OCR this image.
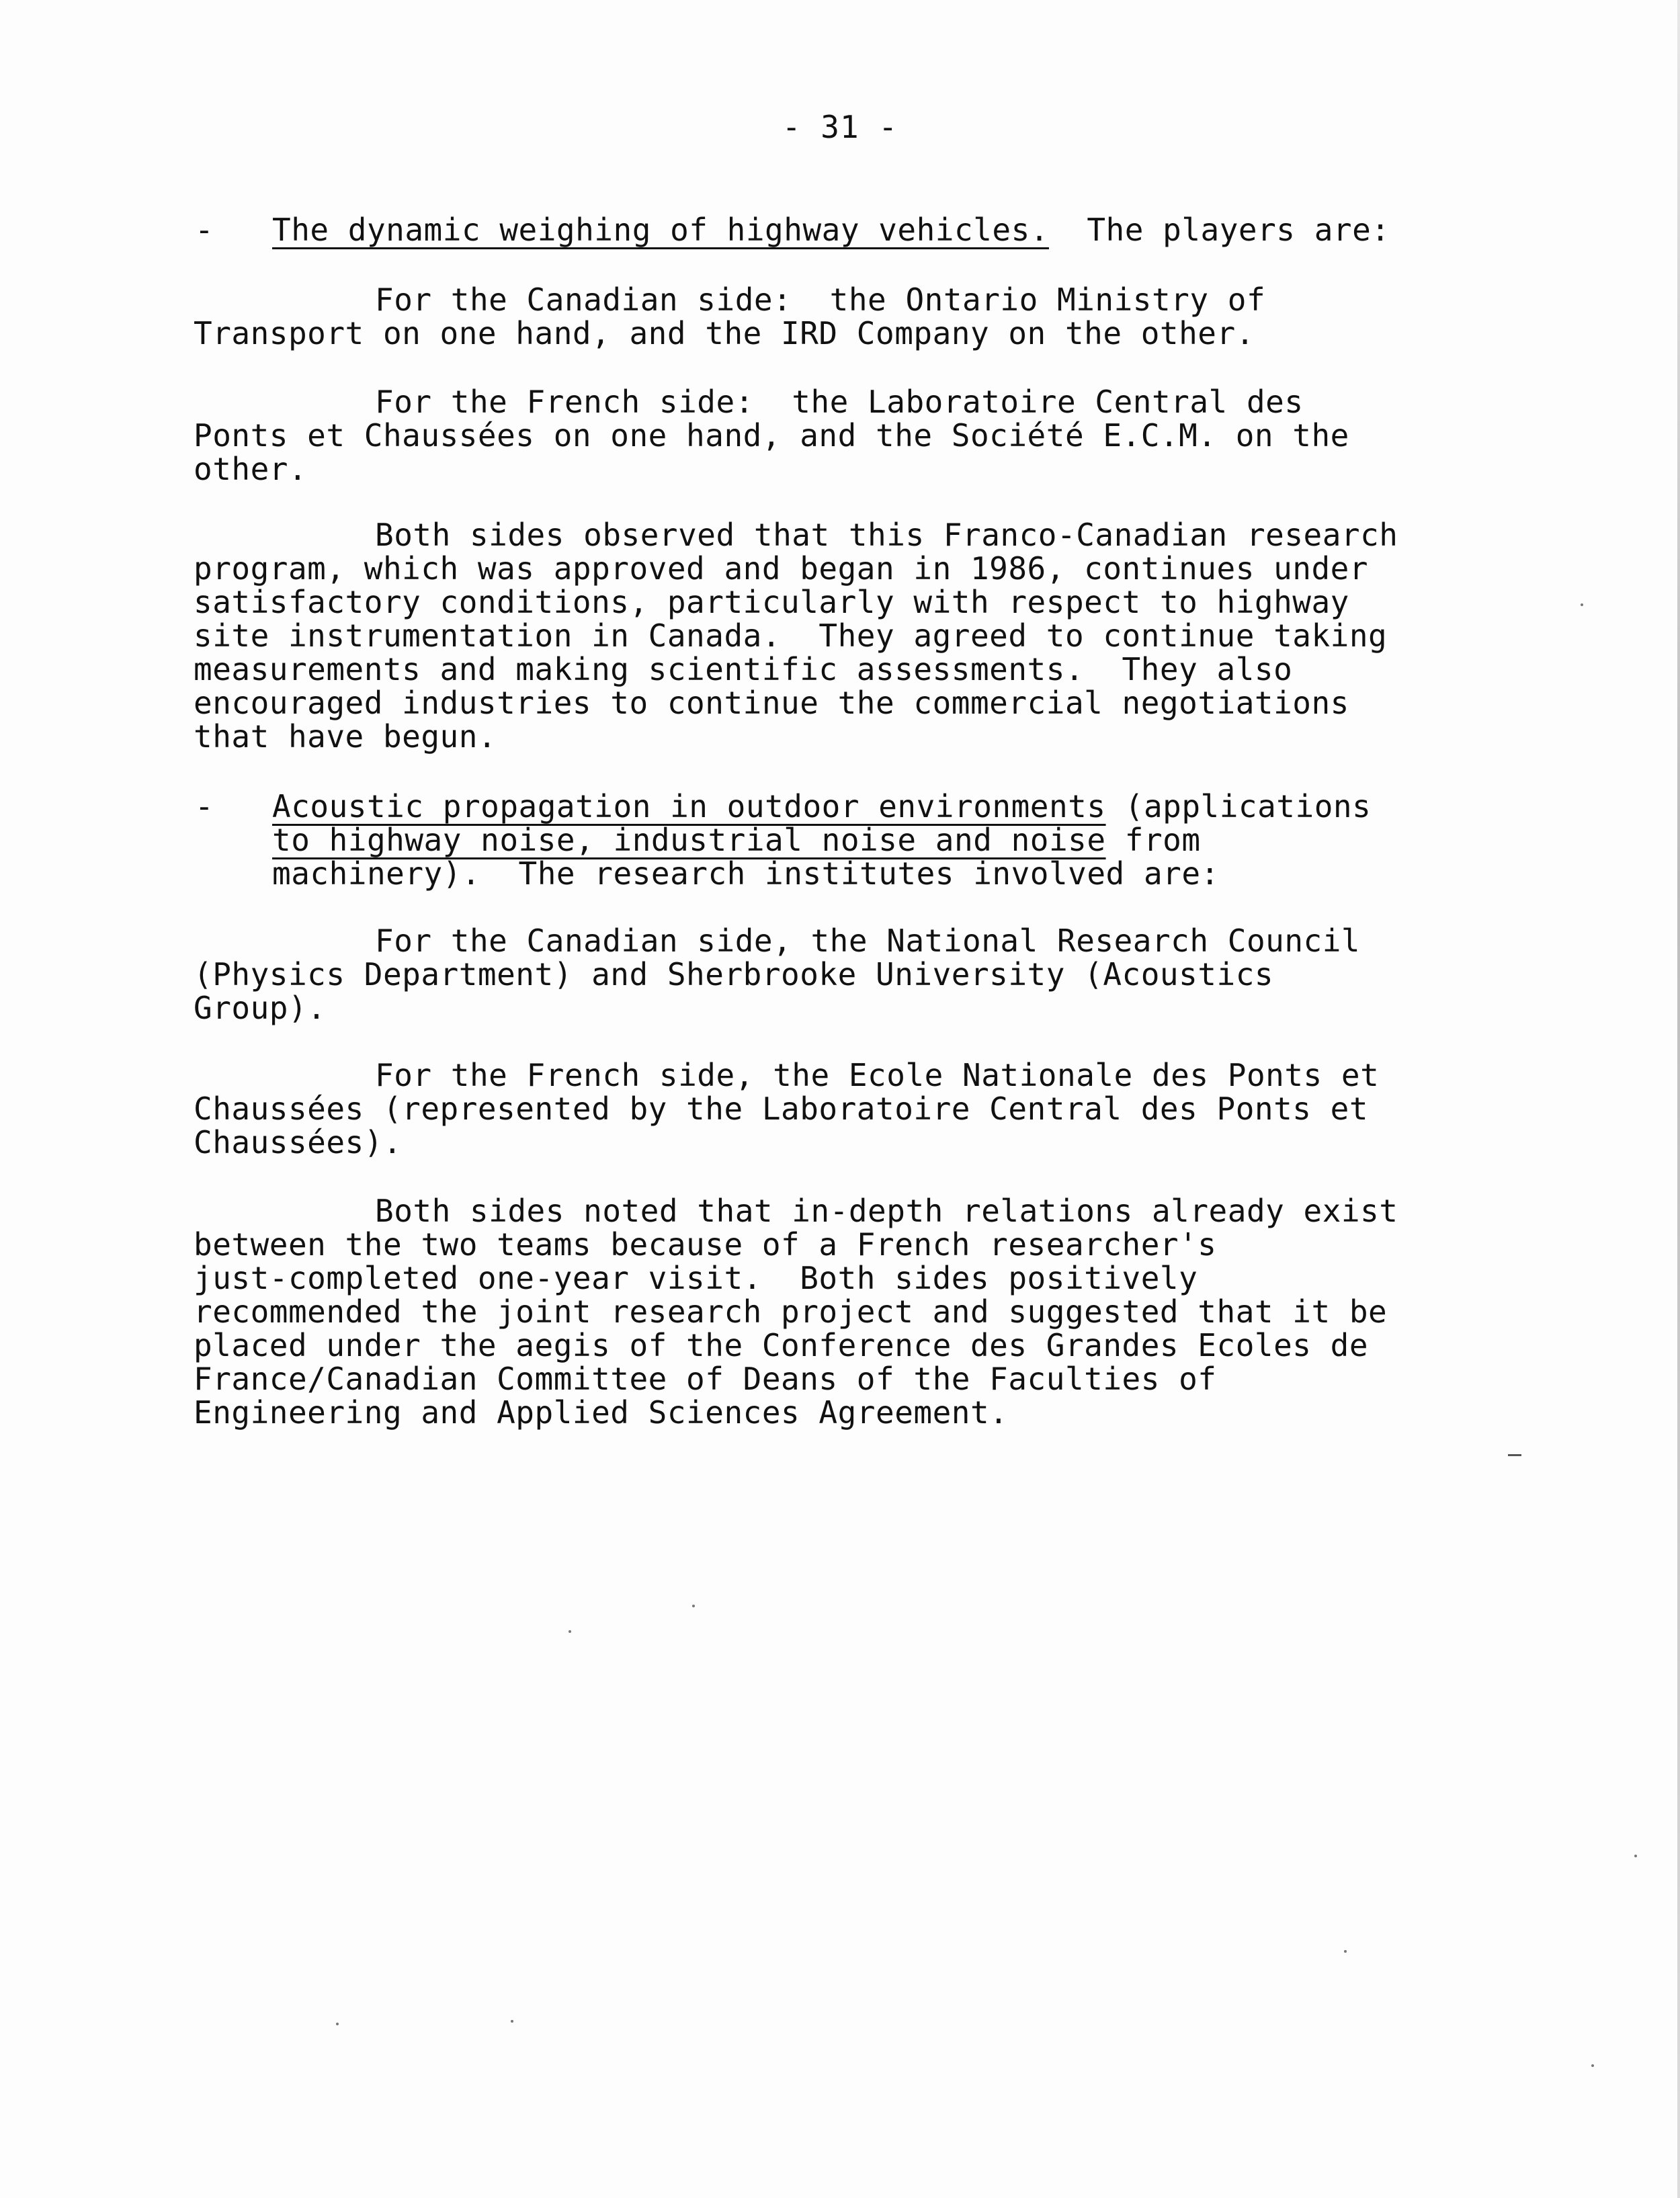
- 31 -
- The dynamic weighing of highway vehicles.  The players are:
For the Canadian side:  the Ontario Ministry of
Transport on one hand, and the IRD Company on the other.
For the French side:  the Laboratoire Central des
Ponts et Chaussées on one hand, and the Société E.C.M. on the
other.
Both sides observed that this Franco-Canadian research
program, which was approved and began in 1986, continues under
satisfactory conditions, particularly with respect to highway
site instrumentation in Canada.  They agreed to continue taking
measurements and making scientific assessments.  They also
encouraged industries to continue the commercial negotiations
that have begun.
- Acoustic propagation in outdoor environments (applications
to highway noise, industrial noise and noise from
machinery).  The research institutes involved are:
For the Canadian side, the National Research Council
(Physics Department) and Sherbrooke University (Acoustics
Group).
For the French side, the Ecole Nationale des Ponts et
Chaussées (represented by the Laboratoire Central des Ponts et
Chaussées).
Both sides noted that in-depth relations already exist
between the two teams because of a French researcher's
just-completed one-year visit.  Both sides positively
recommended the joint research project and suggested that it be
placed under the aegis of the Conference des Grandes Ecoles de
France/Canadian Committee of Deans of the Faculties of
Engineering and Applied Sciences Agreement.
